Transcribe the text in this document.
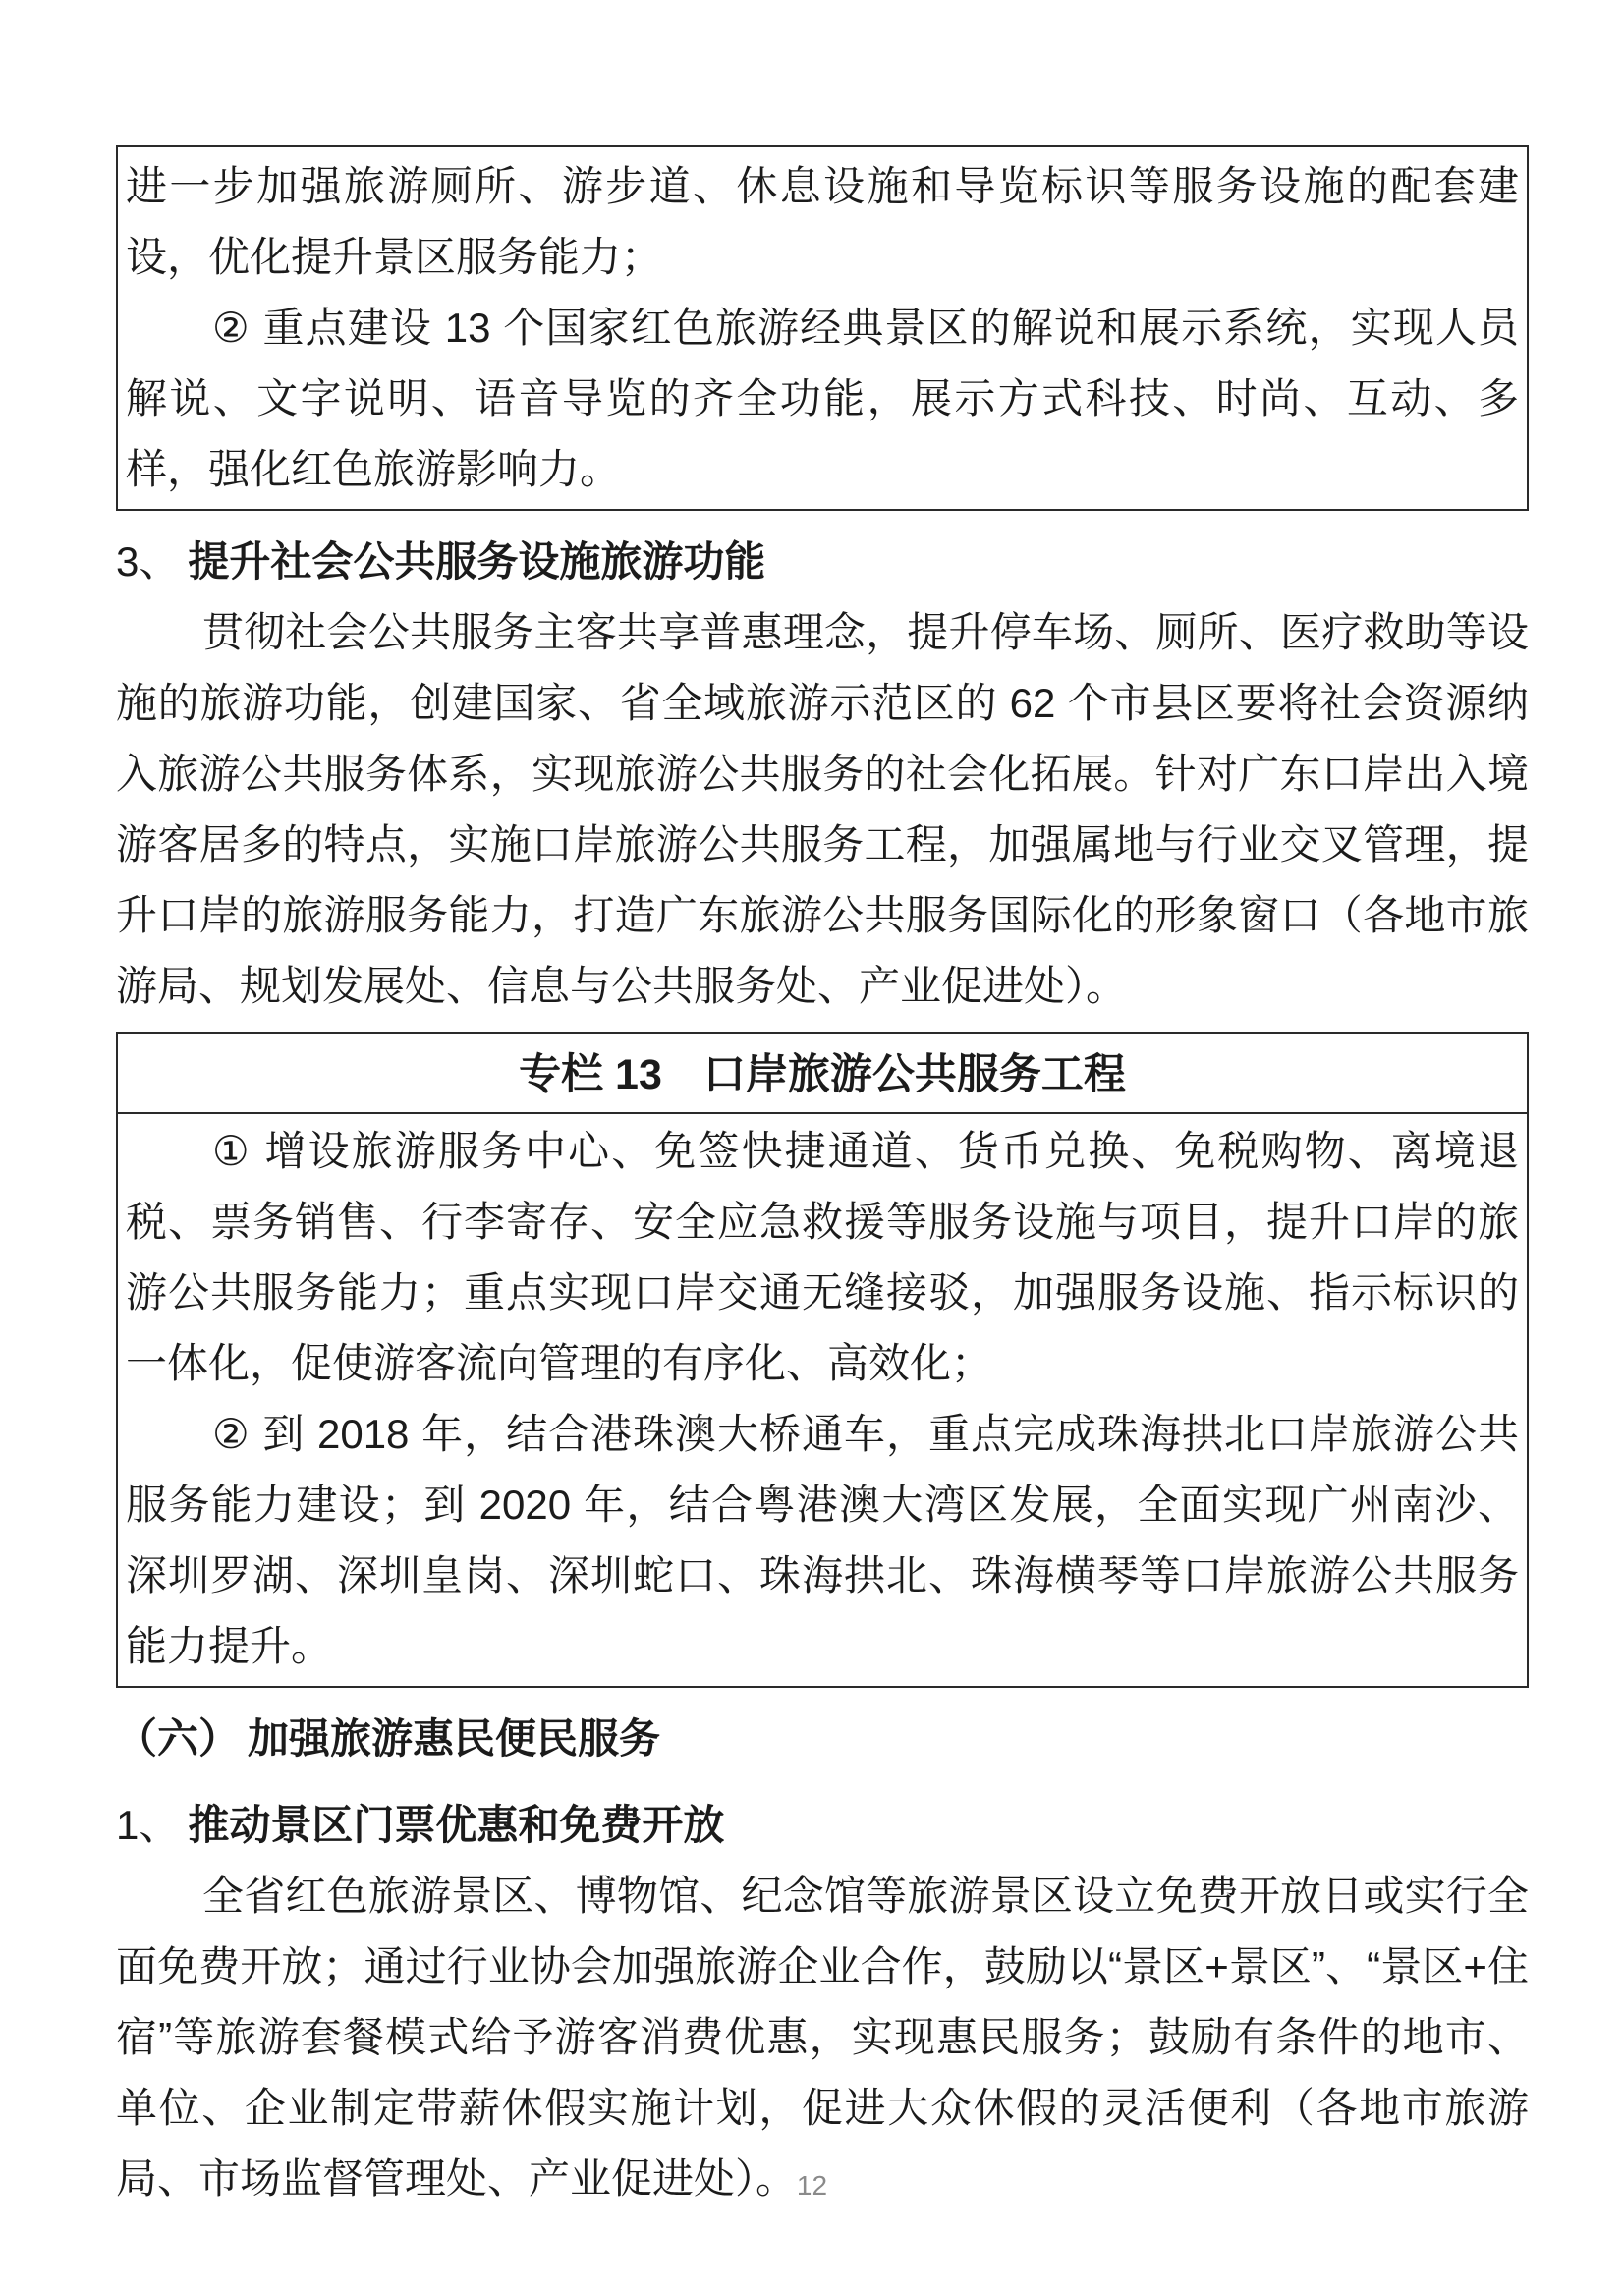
进一步加强旅游厕所、游步道、休息设施和导览标识等服务设施的配套建设，优化提升景区服务能力；

② 重点建设 13 个国家红色旅游经典景区的解说和展示系统，实现人员解说、文字说明、语音导览的齐全功能，展示方式科技、时尚、互动、多样，强化红色旅游影响力。

3、 提升社会公共服务设施旅游功能

贯彻社会公共服务主客共享普惠理念，提升停车场、厕所、医疗救助等设施的旅游功能，创建国家、省全域旅游示范区的 62 个市县区要将社会资源纳入旅游公共服务体系，实现旅游公共服务的社会化拓展。针对广东口岸出入境游客居多的特点，实施口岸旅游公共服务工程，加强属地与行业交叉管理，提升口岸的旅游服务能力，打造广东旅游公共服务国际化的形象窗口（各地市旅游局、规划发展处、信息与公共服务处、产业促进处）。

专栏 13 口岸旅游公共服务工程

① 增设旅游服务中心、免签快捷通道、货币兑换、免税购物、离境退税、票务销售、行李寄存、安全应急救援等服务设施与项目，提升口岸的旅游公共服务能力；重点实现口岸交通无缝接驳，加强服务设施、指示标识的一体化，促使游客流向管理的有序化、高效化；

② 到 2018 年，结合港珠澳大桥通车，重点完成珠海拱北口岸旅游公共服务能力建设；到 2020 年，结合粤港澳大湾区发展，全面实现广州南沙、深圳罗湖、深圳皇岗、深圳蛇口、珠海拱北、珠海横琴等口岸旅游公共服务能力提升。

（六） 加强旅游惠民便民服务
1、 推动景区门票优惠和免费开放

全省红色旅游景区、博物馆、纪念馆等旅游景区设立免费开放日或实行全面免费开放；通过行业协会加强旅游企业合作，鼓励以“景区+景区”、“景区+住宿”等旅游套餐模式给予游客消费优惠，实现惠民服务；鼓励有条件的地市、单位、企业制定带薪休假实施计划，促进大众休假的灵活便利（各地市旅游局、市场监督管理处、产业促进处）。 12
